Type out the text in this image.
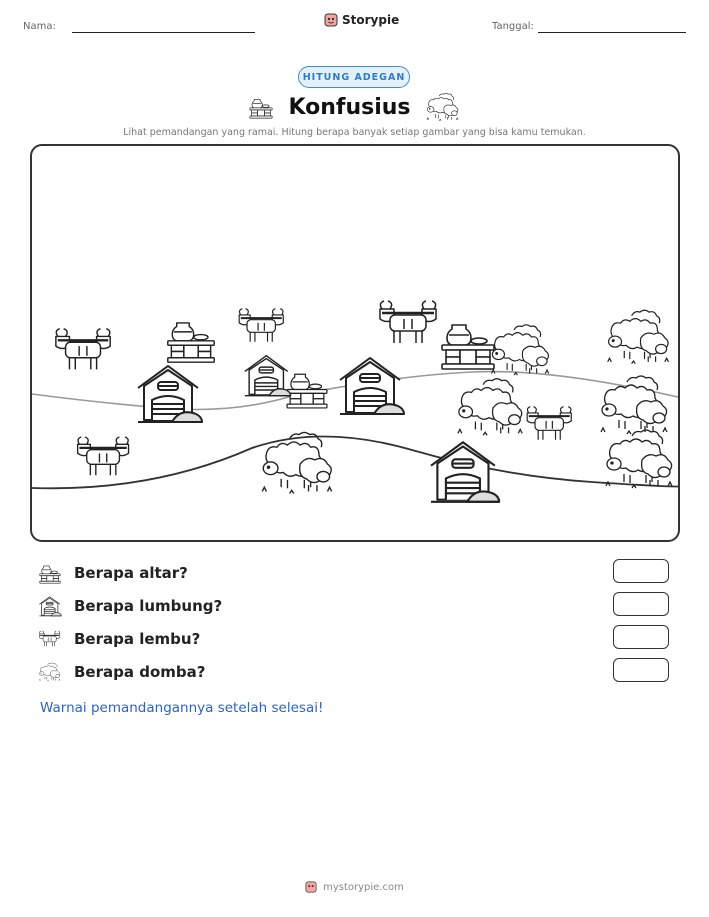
Nama:	Storypie	Tanggal:
HITUNG ADEGAN
Konfusius
Lihat pemandangan yang ramai. Hitung berapa banyak setiap gambar yang bisa kamu temukan.
Berapa altar?
Berapa lumbung?
Berapa lembu?
Berapa domba?
Warnai pemandangannya setelah selesai!
mystorypie.com
